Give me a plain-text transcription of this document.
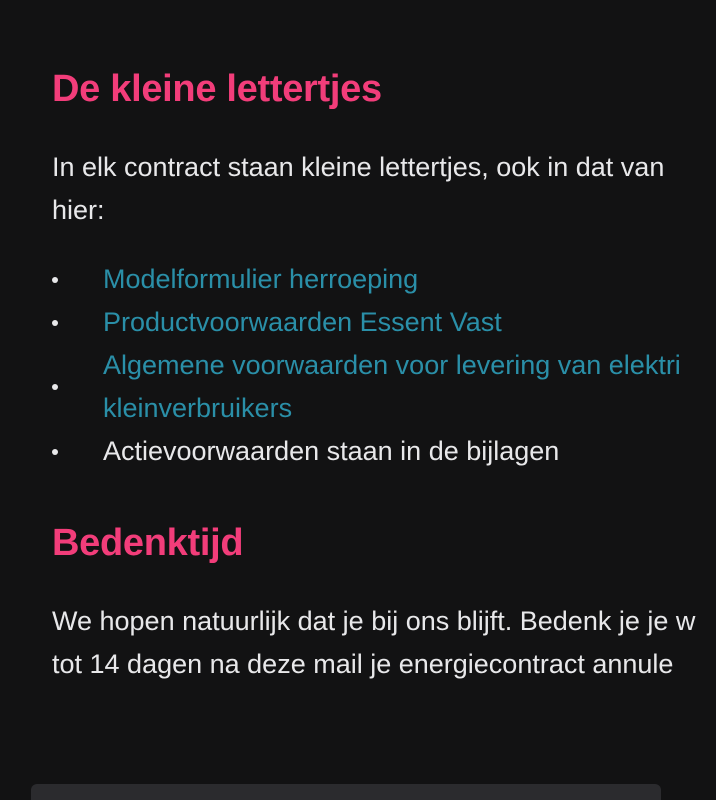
De kleine lettertjes

In elk contract staan kleine lettertjes, ook in dat van
hier:

Modelformulier herroeping
Productvoorwaarden Essent Vast
Algemene voorwaarden voor levering van elektri
kleinverbruikers
Actievoorwaarden staan in de bijlagen
Bedenktijd

We hopen natuurlijk dat je bij ons blijft. Bedenk je je w
tot 14 dagen na deze mail je energiecontract annule
